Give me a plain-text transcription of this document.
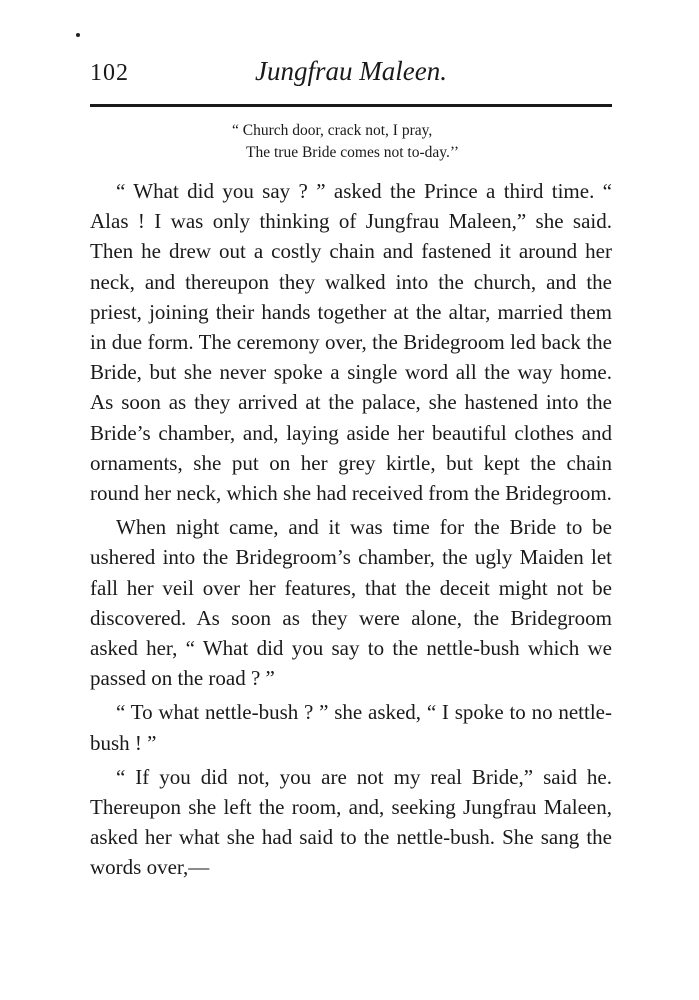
102	Jungfrau Maleen.
“ Church door, crack not, I pray,
The true Bride comes not to-day.’’

“ What did you say ? ” asked the Prince a third time. “ Alas ! I was only thinking of Jungfrau Maleen,” she said. Then he drew out a costly chain and fastened it around her neck, and thereupon they walked into the church, and the priest, joining their hands together at the altar, married them in due form. The ceremony over, the Bridegroom led back the Bride, but she never spoke a single word all the way home. As soon as they arrived at the palace, she hastened into the Bride’s chamber, and, laying aside her beautiful clothes and ornaments, she put on her grey kirtle, but kept the chain round her neck, which she had received from the Bridegroom.

When night came, and it was time for the Bride to be ushered into the Bridegroom’s chamber, the ugly Maiden let fall her veil over her features, that the deceit might not be discovered. As soon as they were alone, the Bridegroom asked her, “ What did you say to the nettle-bush which we passed on the road ? ”

“ To what nettle-bush ? ” she asked, “ I spoke to no nettle-bush ! ”

“ If you did not, you are not my real Bride,” said he. Thereupon she left the room, and, seeking Jungfrau Maleen, asked her what she had said to the nettle-bush. She sang the words over,—
